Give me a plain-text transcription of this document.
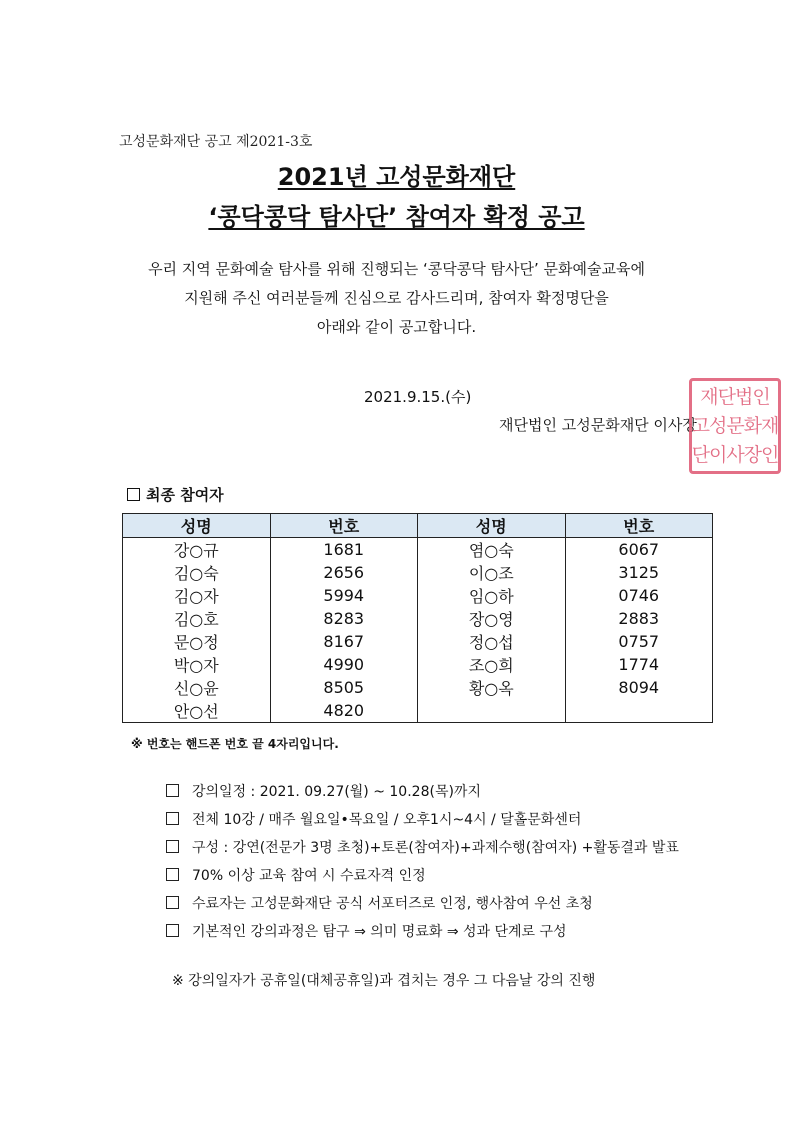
고성문화재단 공고 제2021-3호
2021년 고성문화재단
‘콩닥콩닥 탐사단’ 참여자 확정 공고
우리 지역 문화예술 탐사를 위해 진행되는 ‘콩닥콩닥 탐사단’ 문화예술교육에
지원해 주신 여러분들께 진심으로 감사드리며, 참여자 확정명단을
아래와 같이 공고합니다.
2021.9.15.(수)
재단법인 고성문화재단 이사장
재단법인
고성문화재
단이사장인
최종 참여자
성명	번호	성명	번호
강○규	1681	염○숙	6067
김○숙	2656	이○조	3125
김○자	5994	임○하	0746
김○호	8283	장○영	2883
문○정	8167	정○섭	0757
박○자	4990	조○희	1774
신○윤	8505	황○옥	8094
안○선	4820		
※ 번호는 핸드폰 번호 끝 4자리입니다.
강의일정 : 2021. 09.27(월) ~ 10.28(목)까지
전체 10강 / 매주 월요일•목요일 / 오후1시~4시 / 달홀문화센터
구성 : 강연(전문가 3명 초청)+토론(참여자)+과제수행(참여자) +활동결과 발표
70% 이상 교육 참여 시 수료자격 인정
수료자는 고성문화재단 공식 서포터즈로 인정, 행사참여 우선 초청
기본적인 강의과정은 탐구 ⇒ 의미 명료화 ⇒ 성과 단계로 구성
※ 강의일자가 공휴일(대체공휴일)과 겹치는 경우 그 다음날 강의 진행
